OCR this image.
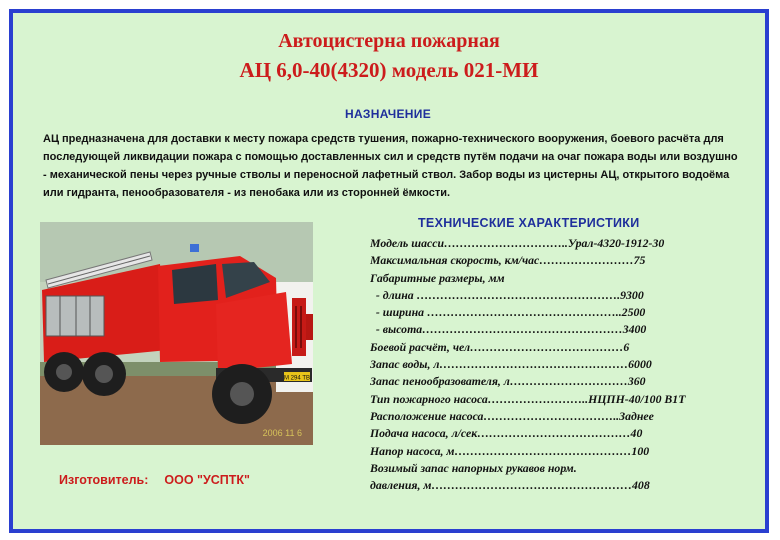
Автоцистерна пожарная
АЦ 6,0-40(4320) модель 021-МИ
НАЗНАЧЕНИЕ
АЦ предназначена для доставки к месту пожара средств тушения, пожарно-технического вооружения, боевого расчёта для последующей ликвидации пожара с помощью доставленных сил и средств путём подачи на очаг пожара воды или воздушно - механической пены через ручные стволы и переносной лафетный ствол. Забор воды из цистерны АЦ, открытого водоёма или гидранта, пенообразователя - из пенобака или из сторонней ёмкости.
М 294 ТВ
2006 11 6
ТЕХНИЧЕСКИЕ ХАРАКТЕРИСТИКИ
Модель шасси…………………………..Урал-4320-1912-30
Максимальная скорость, км/час……………………75
Габаритные размеры, мм
- длина …………………………………………….9300
- ширина …………………………………………..2500
- высота……………………………………………3400
Боевой расчёт, чел…………………………………6
Запас воды, л…………………………………………6000
Запас пенообразователя, л…………………………360
Тип пожарного насоса……………………..НЦПН-40/100 В1Т
Расположение насоса……………………………..Заднее
Подача насоса, л/сек…………………………………40
Напор насоса, м………………………………………100
Возимый запас напорных рукавов норм.
давления, м……………………………………………408
Изготовитель: ООО "УСПТК"
